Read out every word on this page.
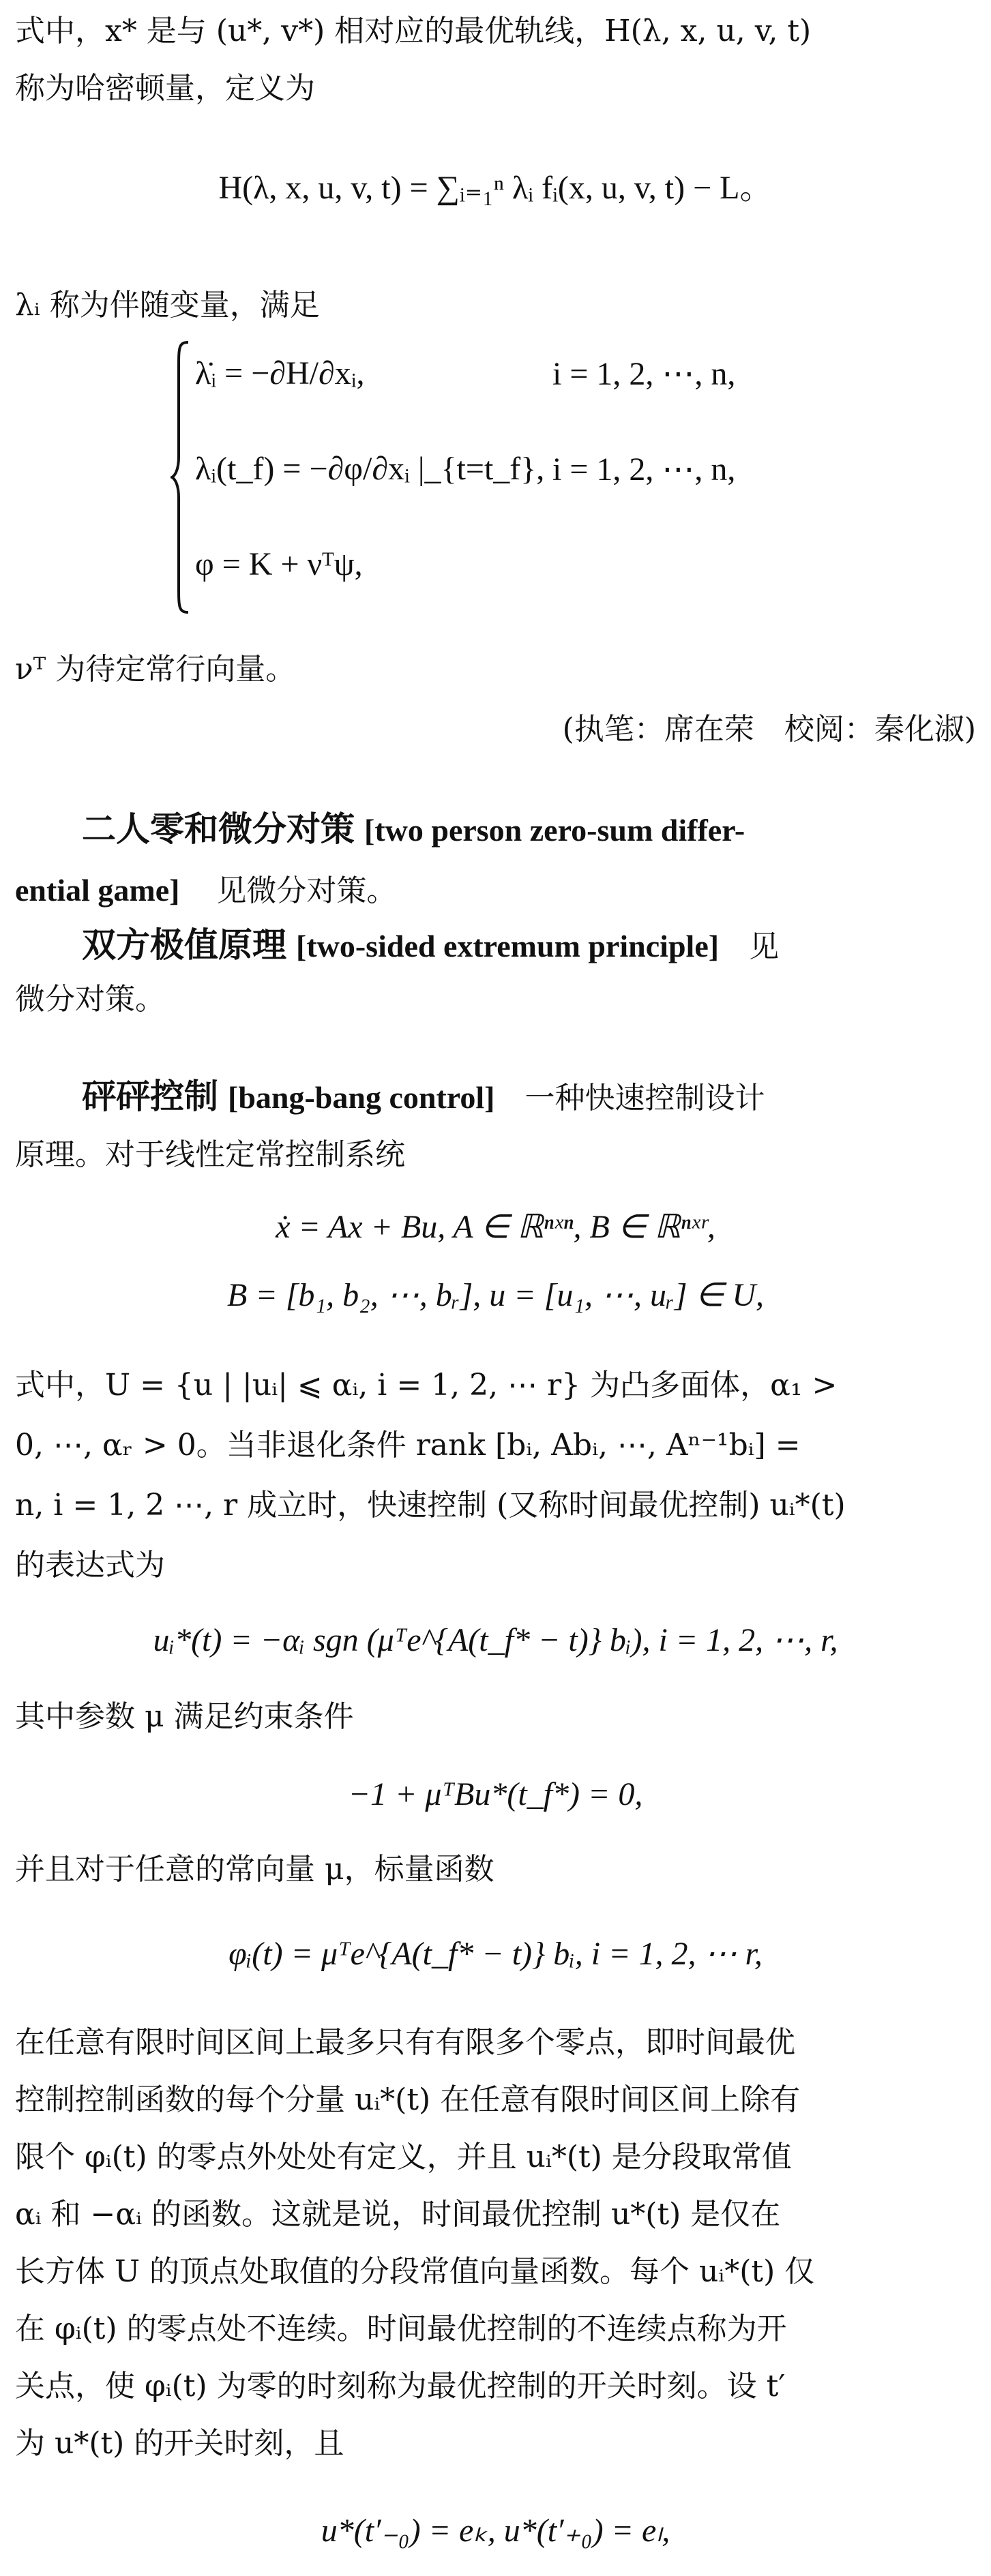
式中，x* 是与 (u*, v*) 相对应的最优轨线，H(λ, x, u, v, t)

称为哈密顿量，定义为

H(λ, x, u, v, t) = ∑ᵢ₌₁ⁿ λᵢ fᵢ(x, u, v, t) − L。

λᵢ 称为伴随变量，满足

λ̇ᵢ = −∂H/∂xᵢ,	i = 1, 2, ⋯, n,
λᵢ(t_f) = −∂φ/∂xᵢ |_{t=t_f}, i = 1, 2, ⋯, n,
φ = K + νᵀψ,

νᵀ 为待定常行向量。

(执笔：席在荣　校阅：秦化淑)

二人零和微分对策 [two person zero-sum differ-

ential game] 见微分对策。

双方极值原理 [two-sided extremum principle] 见

微分对策。

砰砰控制 [bang-bang control] 一种快速控制设计

原理。对于线性定常控制系统

ẋ = Ax + Bu, A ∈ ℝⁿˣⁿ, B ∈ ℝⁿˣʳ,
B = [b₁, b₂, ⋯, bᵣ], u = [u₁, ⋯, uᵣ] ∈ U,

式中，U = {u | |uᵢ| ⩽ αᵢ, i = 1, 2, ⋯ r} 为凸多面体，α₁ >

0, ⋯, αᵣ > 0。当非退化条件 rank [bᵢ, Abᵢ, ⋯, Aⁿ⁻¹bᵢ] =

n, i = 1, 2 ⋯, r 成立时，快速控制 (又称时间最优控制) uᵢ*(t)

的表达式为

uᵢ*(t) = −αᵢ sgn (μᵀe^{A(t_f* − t)} bᵢ), i = 1, 2, ⋯, r,

其中参数 μ 满足约束条件

−1 + μᵀBu*(t_f*) = 0,

并且对于任意的常向量 μ，标量函数

φᵢ(t) = μᵀe^{A(t_f* − t)} bᵢ, i = 1, 2, ⋯ r,

在任意有限时间区间上最多只有有限多个零点，即时间最优

控制控制函数的每个分量 uᵢ*(t) 在任意有限时间区间上除有

限个 φᵢ(t) 的零点外处处有定义，并且 uᵢ*(t) 是分段取常值

αᵢ 和 −αᵢ 的函数。这就是说，时间最优控制 u*(t) 是仅在

长方体 U 的顶点处取值的分段常值向量函数。每个 uᵢ*(t) 仅

在 φᵢ(t) 的零点处不连续。时间最优控制的不连续点称为开

关点，使 φᵢ(t) 为零的时刻称为最优控制的开关时刻。设 t′

为 u*(t) 的开关时刻，且

u*(t′₋₀) = eₖ, u*(t′₊₀) = eₗ,
